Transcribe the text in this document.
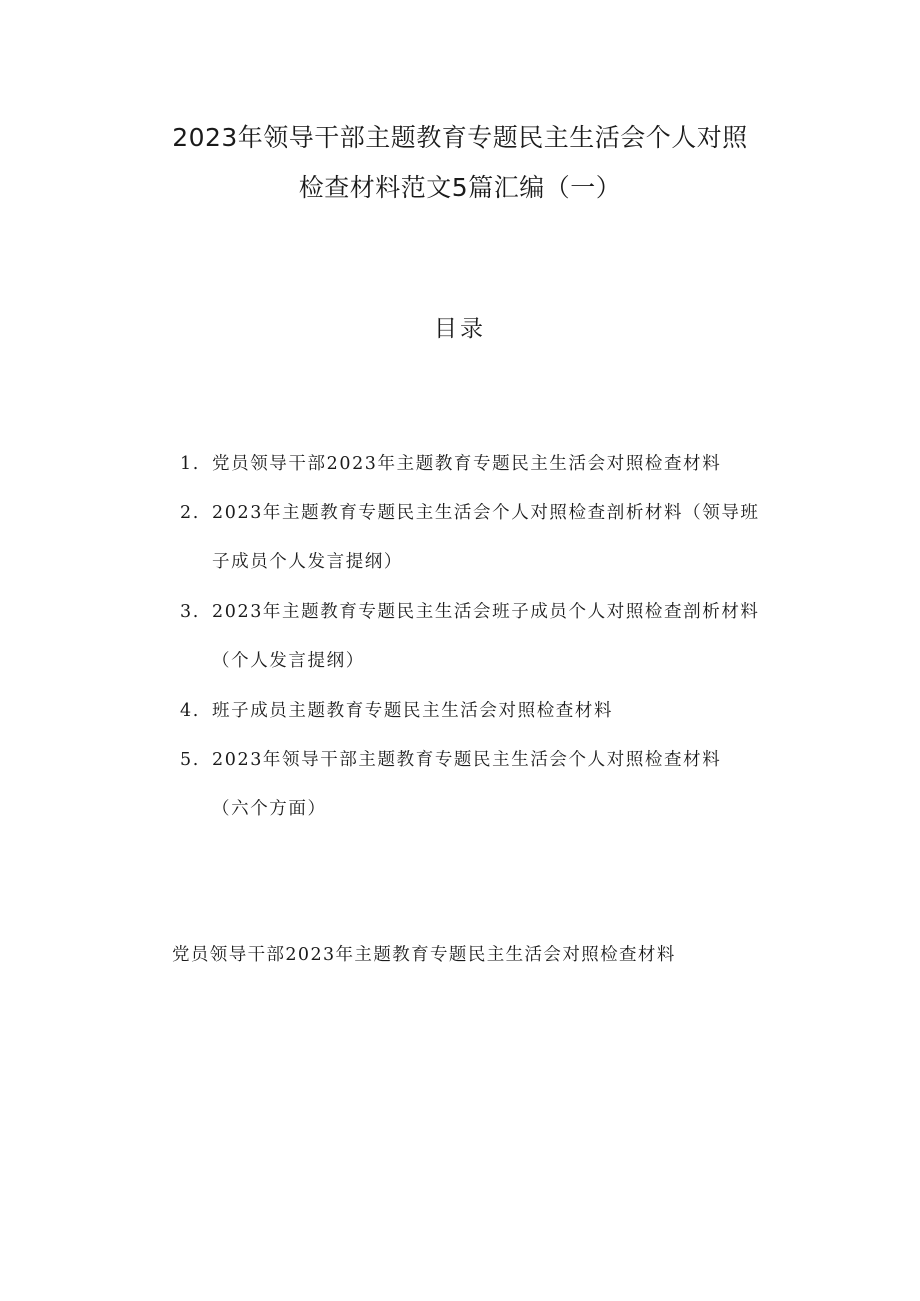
2023年领导干部主题教育专题民主生活会个人对照
检查材料范文5篇汇编（一）
目录
1. 党员领导干部2023年主题教育专题民主生活会对照检查材料
2. 2023年主题教育专题民主生活会个人对照检查剖析材料（领导班
子成员个人发言提纲）
3. 2023年主题教育专题民主生活会班子成员个人对照检查剖析材料
（个人发言提纲）
4. 班子成员主题教育专题民主生活会对照检查材料
5. 2023年领导干部主题教育专题民主生活会个人对照检查材料
（六个方面）
党员领导干部2023年主题教育专题民主生活会对照检查材料
